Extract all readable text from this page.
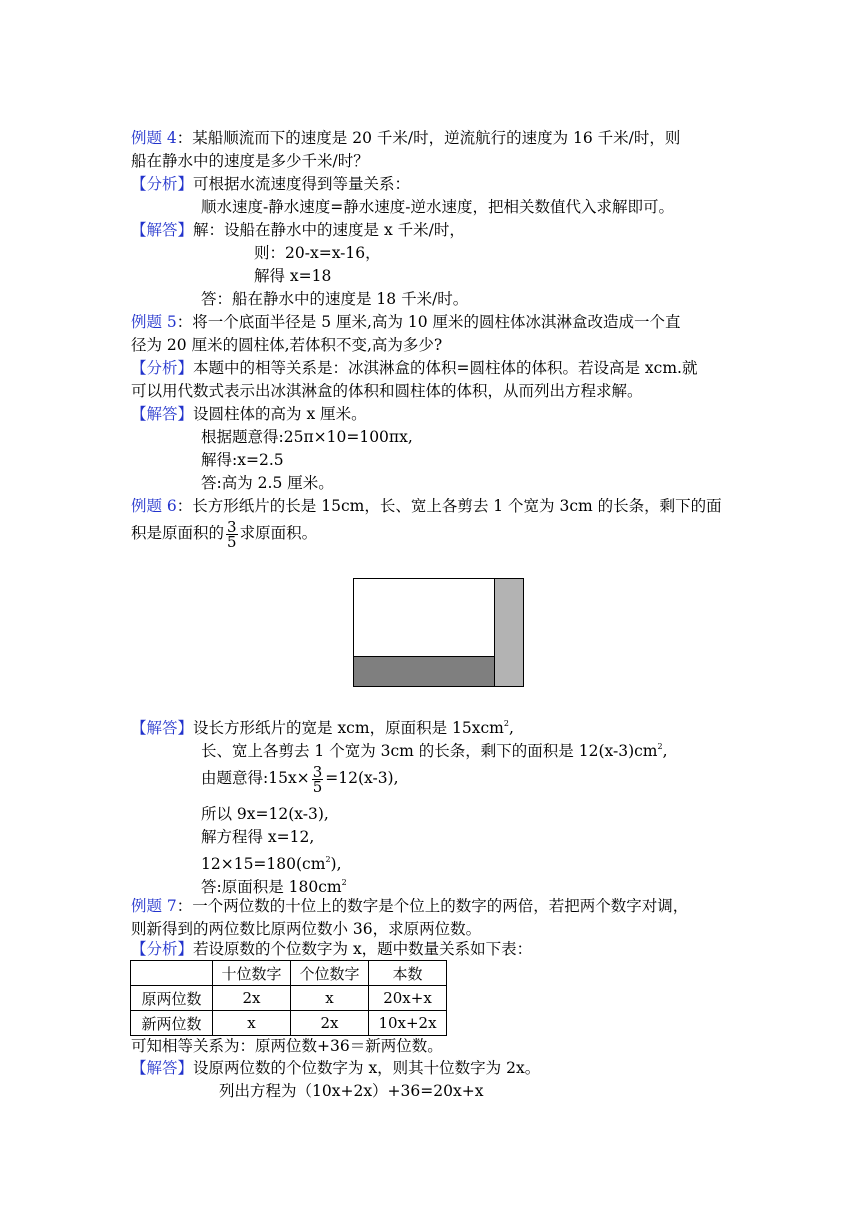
例题 4：某船顺流而下的速度是 20 千米/时，逆流航行的速度为 16 千米/时，则
船在静水中的速度是多少千米/时？
【分析】可根据水流速度得到等量关系：
顺水速度-静水速度=静水速度-逆水速度，把相关数值代入求解即可。
【解答】解：设船在静水中的速度是 x 千米/时，
则：20-x=x-16，
解得 x=18
答：船在静水中的速度是 18 千米/时。
例题 5：将一个底面半径是 5 厘米,高为 10 厘米的圆柱体冰淇淋盒改造成一个直
径为 20 厘米的圆柱体,若体积不变,高为多少?
【分析】本题中的相等关系是：冰淇淋盒的体积=圆柱体的体积。若设高是 xcm.就
可以用代数式表示出冰淇淋盒的体积和圆柱体的体积，从而列出方程求解。
【解答】设圆柱体的高为 x 厘米。
根据题意得:25π×10=100πx,
解得:x=2.5
答:高为 2.5 厘米。
例题 6：长方形纸片的长是 15cm，长、宽上各剪去 1 个宽为 3cm 的长条，剩下的面
积是原面积的 $\frac{3}{5}$ 求原面积。
【解答】设长方形纸片的宽是 xcm，原面积是 15xcm$^2$,
长、宽上各剪去 1 个宽为 3cm 的长条，剩下的面积是 $12(x-3)cm^2$,
由题意得:15x× $\frac{3}{5} =12(x-3)$,
所以 9x=12(x-3),
解方程得 x=12,
$12\times 15=180(cm^2)$,
答:原面积是 $180cm^2$
例题 7：一个两位数的十位上的数字是个位上的数字的两倍，若把两个数字对调，
则新得到的两位数比原两位数小 36，求原两位数。
【分析】若设原数的个位数字为 x，题中数量关系如下表：
	十位数字	个位数字	本数
原两位数	2x	x	20x+x
新两位数	x	2x	10x+2x
可知相等关系为：原两位数+36＝新两位数。
【解答】设原两位数的个位数字为 x，则其十位数字为 2x。
列出方程为（10x+2x）+36=20x+x
